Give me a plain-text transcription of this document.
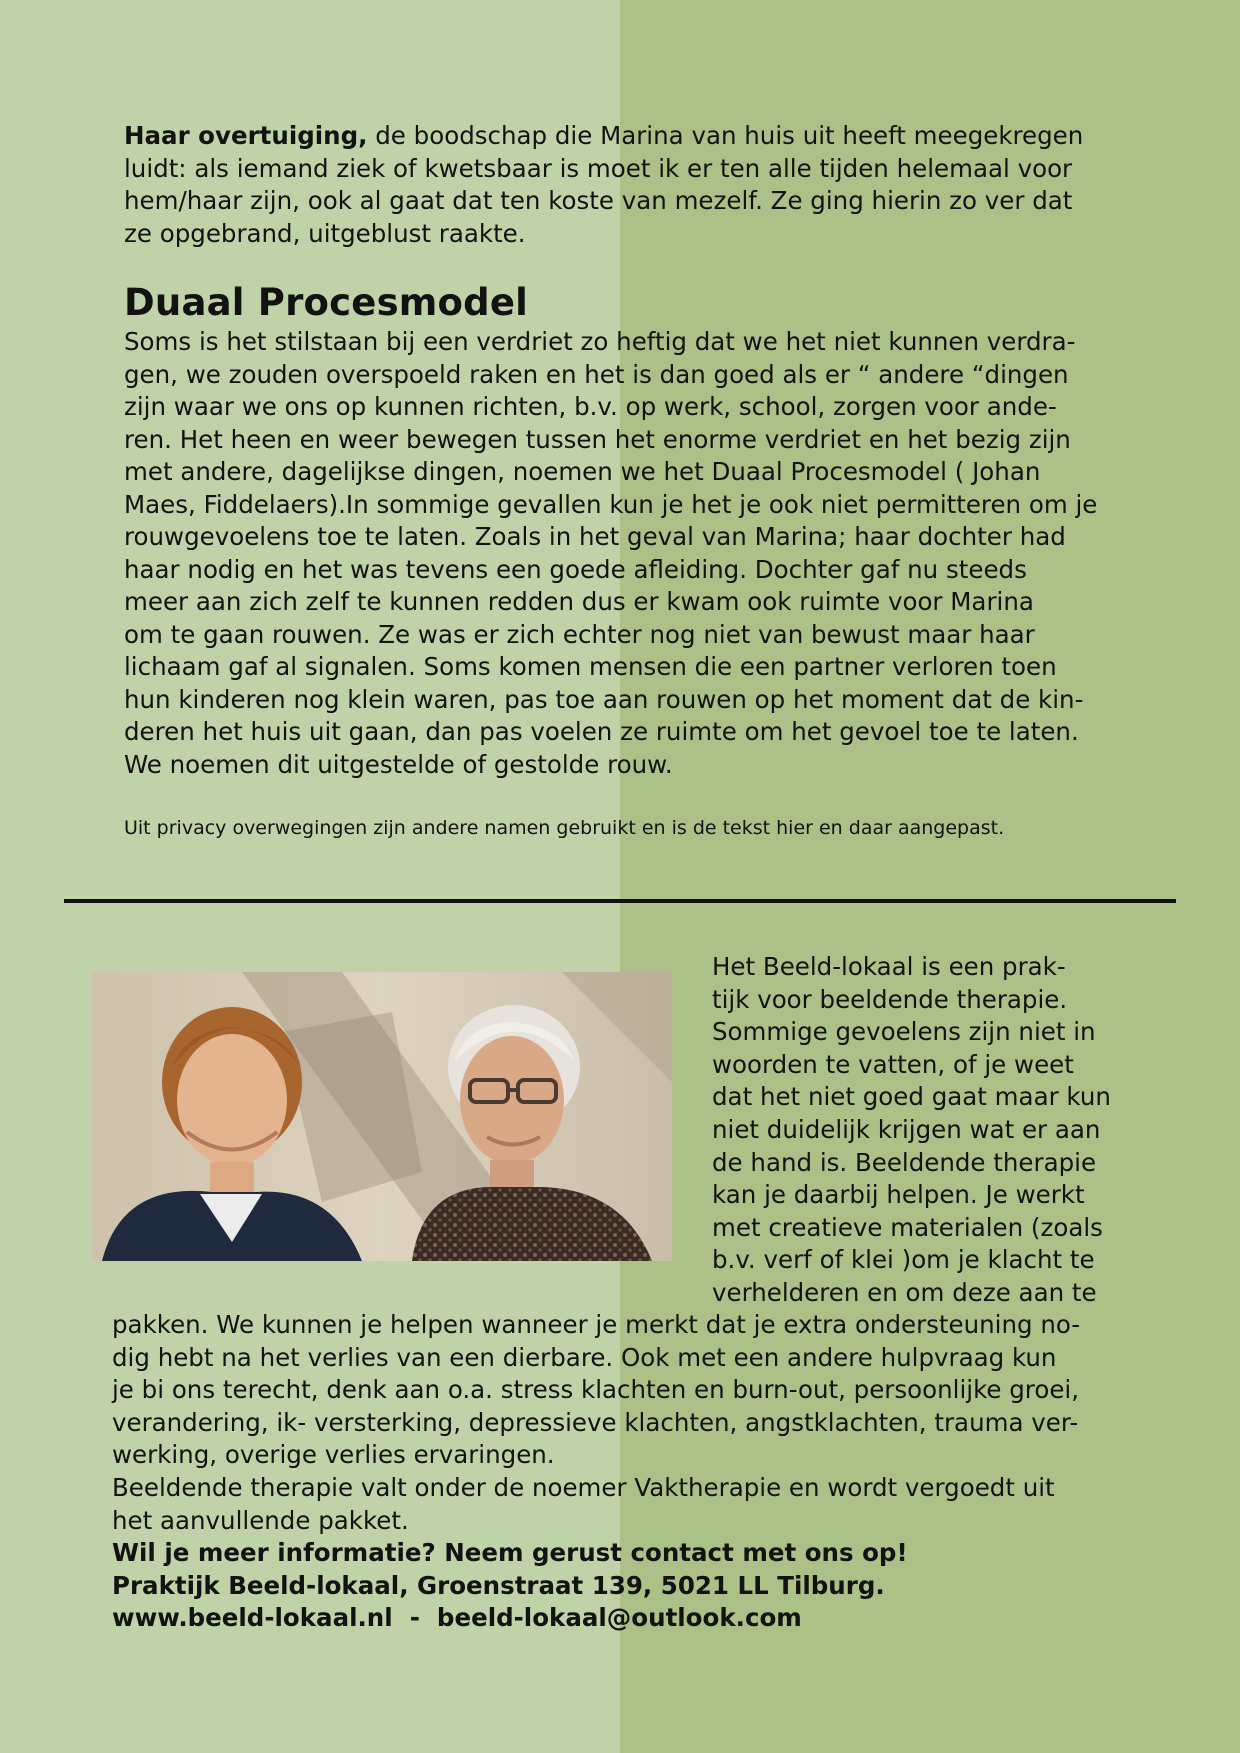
Haar overtuiging, de boodschap die Marina van huis uit heeft meegekregen
luidt: als iemand ziek of kwetsbaar is moet ik er ten alle tijden helemaal voor
hem/haar zijn, ook al gaat dat ten koste van mezelf. Ze ging hierin zo ver dat
ze opgebrand, uitgeblust raakte.
Duaal Procesmodel
Soms is het stilstaan bij een verdriet zo heftig dat we het niet kunnen verdra-
gen, we zouden overspoeld raken en het is dan goed als er “ andere “dingen
zijn waar we ons op kunnen richten, b.v. op werk, school, zorgen voor ande-
ren. Het heen en weer bewegen tussen het enorme verdriet en het bezig zijn
met andere, dagelijkse dingen, noemen we het Duaal Procesmodel ( Johan
Maes, Fiddelaers).In sommige gevallen kun je het je ook niet permitteren om je
rouwgevoelens toe te laten. Zoals in het geval van Marina; haar dochter had
haar nodig en het was tevens een goede afleiding. Dochter gaf nu steeds
meer aan zich zelf te kunnen redden dus er kwam ook ruimte voor Marina
om te gaan rouwen. Ze was er zich echter nog niet van bewust maar haar
lichaam gaf al signalen. Soms komen mensen die een partner verloren toen
hun kinderen nog klein waren, pas toe aan rouwen op het moment dat de kin-
deren het huis uit gaan, dan pas voelen ze ruimte om het gevoel toe te laten.
We noemen dit uitgestelde of gestolde rouw.
Uit privacy overwegingen zijn andere namen gebruikt en is de tekst hier en daar aangepast.
Het Beeld-lokaal is een prak-
tijk voor beeldende therapie.
Sommige gevoelens zijn niet in
woorden te vatten, of je weet
dat het niet goed gaat maar kun
niet duidelijk krijgen wat er aan
de hand is. Beeldende therapie
kan je daarbij helpen. Je werkt
met creatieve materialen (zoals
b.v. verf of klei )om je klacht te
verhelderen en om deze aan te
pakken. We kunnen je helpen wanneer je merkt dat je extra ondersteuning no-
dig hebt na het verlies van een dierbare. Ook met een andere hulpvraag kun
je bi ons terecht, denk aan o.a. stress klachten en burn-out, persoonlijke groei,
verandering, ik- versterking, depressieve klachten, angstklachten, trauma ver-
werking, overige verlies ervaringen.
Beeldende therapie valt onder de noemer Vaktherapie en wordt vergoedt uit
het aanvullende pakket.
Wil je meer informatie? Neem gerust contact met ons op!
Praktijk Beeld-lokaal, Groenstraat 139, 5021 LL Tilburg.
www.beeld-lokaal.nl  -  beeld-lokaal@outlook.com
